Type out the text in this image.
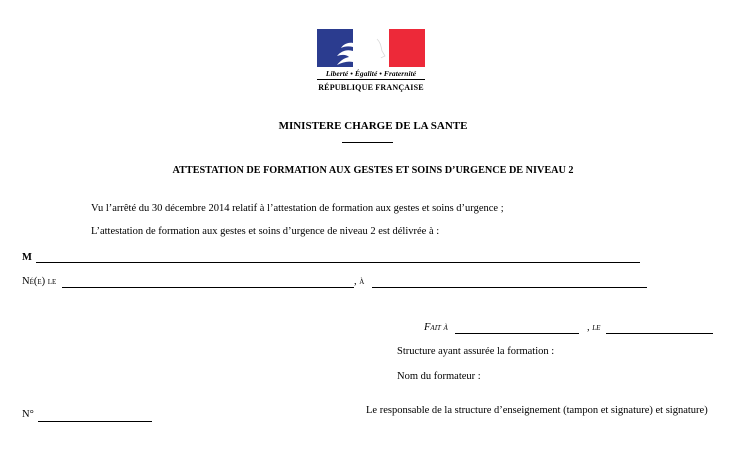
Liberté • Égalité • Fraternité
RÉPUBLIQUE FRANÇAISE
MINISTERE CHARGE DE LA SANTE
ATTESTATION DE FORMATION AUX GESTES ET SOINS D’URGENCE DE NIVEAU 2
Vu l’arrêté du 30 décembre 2014 relatif à l’attestation de formation aux gestes et soins d’urgence ;
L’attestation de formation aux gestes et soins d’urgence de niveau 2 est délivrée à :
M
Né(e) le	, à
Fait à	, le
Structure ayant assurée la formation :
Nom du formateur :
N°	Le responsable de la structure d’enseignement (tampon et signature) et signature)
